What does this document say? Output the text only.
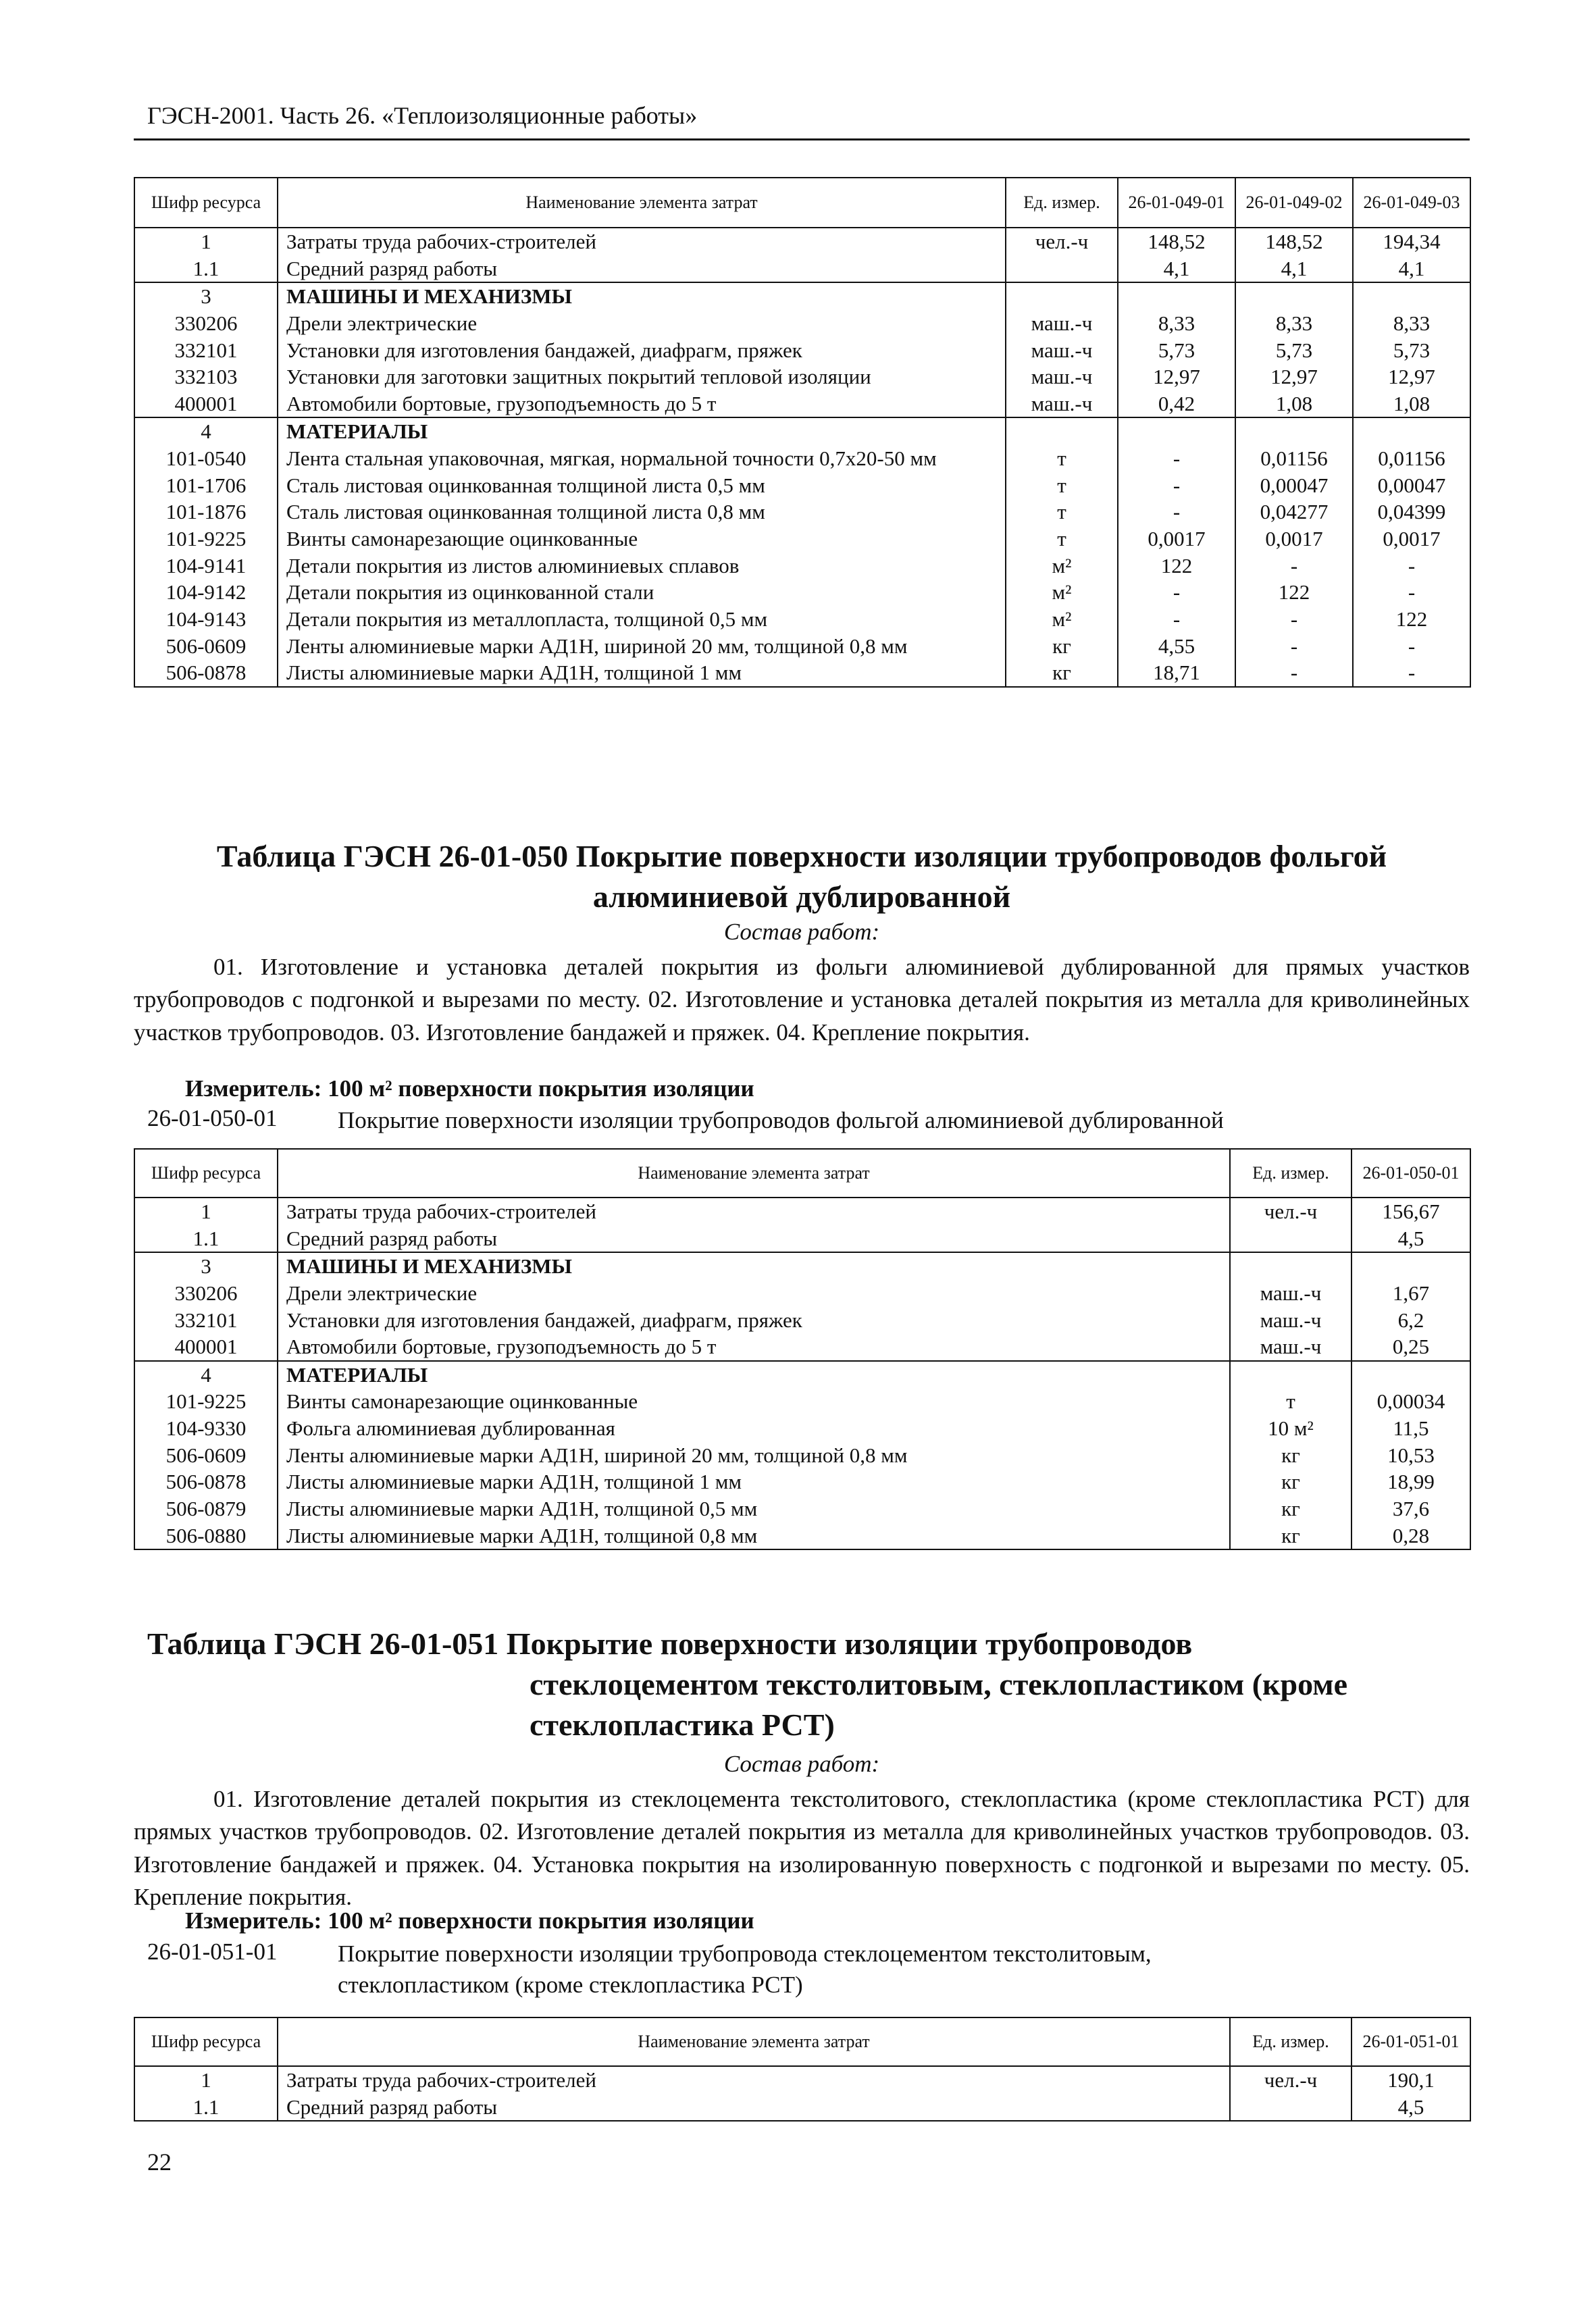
ГЭСН-2001. Часть 26. «Теплоизоляционные работы»
Шифр ресурса	Наименование элемента затрат	Ед. измер.	26-01-049-01	26-01-049-02	26-01-049-03
1	Затраты труда рабочих-строителей	чел.-ч	148,52	148,52	194,34
1.1	Средний разряд работы		4,1	4,1	4,1
3	МАШИНЫ И МЕХАНИЗМЫ				
330206	Дрели электрические	маш.-ч	8,33	8,33	8,33
332101	Установки для изготовления бандажей, диафрагм, пряжек	маш.-ч	5,73	5,73	5,73
332103	Установки для заготовки защитных покрытий тепловой изоляции	маш.-ч	12,97	12,97	12,97
400001	Автомобили бортовые, грузоподъемность до 5 т	маш.-ч	0,42	1,08	1,08
4	МАТЕРИАЛЫ				
101-0540	Лента стальная упаковочная, мягкая, нормальной точности 0,7х20-50 мм	т	-	0,01156	0,01156
101-1706	Сталь листовая оцинкованная толщиной листа 0,5 мм	т	-	0,00047	0,00047
101-1876	Сталь листовая оцинкованная толщиной листа 0,8 мм	т	-	0,04277	0,04399
101-9225	Винты самонарезающие оцинкованные	т	0,0017	0,0017	0,0017
104-9141	Детали покрытия из листов алюминиевых сплавов	м²	122	-	-
104-9142	Детали покрытия из оцинкованной стали	м²	-	122	-
104-9143	Детали покрытия из металлопласта, толщиной 0,5 мм	м²	-	-	122
506-0609	Ленты алюминиевые марки АД1Н, шириной 20 мм, толщиной 0,8 мм	кг	4,55	-	-
506-0878	Листы алюминиевые марки АД1Н, толщиной 1 мм	кг	18,71	-	-
Таблица ГЭСН 26-01-050 Покрытие поверхности изоляции трубопроводов фольгой
алюминиевой дублированной
Состав работ:
01. Изготовление и установка деталей покрытия из фольги алюминиевой дублированной для прямых участков трубопроводов с подгонкой и вырезами по месту. 02. Изготовление и установка деталей покрытия из металла для криволинейных участков трубопроводов. 03. Изготовление бандажей и пряжек. 04. Крепление покрытия.
Измеритель: 100 м² поверхности покрытия изоляции
26-01-050-01	Покрытие поверхности изоляции трубопроводов фольгой алюминиевой дублированной
Шифр ресурса	Наименование элемента затрат	Ед. измер.	26-01-050-01
1	Затраты труда рабочих-строителей	чел.-ч	156,67
1.1	Средний разряд работы		4,5
3	МАШИНЫ И МЕХАНИЗМЫ		
330206	Дрели электрические	маш.-ч	1,67
332101	Установки для изготовления бандажей, диафрагм, пряжек	маш.-ч	6,2
400001	Автомобили бортовые, грузоподъемность до 5 т	маш.-ч	0,25
4	МАТЕРИАЛЫ		
101-9225	Винты самонарезающие оцинкованные	т	0,00034
104-9330	Фольга алюминиевая дублированная	10 м²	11,5
506-0609	Ленты алюминиевые марки АД1Н, шириной 20 мм, толщиной 0,8 мм	кг	10,53
506-0878	Листы алюминиевые марки АД1Н, толщиной 1 мм	кг	18,99
506-0879	Листы алюминиевые марки АД1Н, толщиной 0,5 мм	кг	37,6
506-0880	Листы алюминиевые марки АД1Н, толщиной 0,8 мм	кг	0,28
Таблица ГЭСН 26-01-051 Покрытие поверхности изоляции трубопроводов
стеклоцементом текстолитовым, стеклопластиком (кроме
стеклопластика РСТ)
Состав работ:
01. Изготовление деталей покрытия из стеклоцемента текстолитового, стеклопластика (кроме стеклопластика РСТ) для прямых участков трубопроводов. 02. Изготовление деталей покрытия из металла для криволинейных участков трубопроводов. 03. Изготовление бандажей и пряжек. 04. Установка покрытия на изолированную поверхность с подгонкой и вырезами по месту. 05. Крепление покрытия.
Измеритель: 100 м² поверхности покрытия изоляции
26-01-051-01	Покрытие поверхности изоляции трубопровода стеклоцементом текстолитовым,
стеклопластиком (кроме стеклопластика РСТ)
Шифр ресурса	Наименование элемента затрат	Ед. измер.	26-01-051-01
1	Затраты труда рабочих-строителей	чел.-ч	190,1
1.1	Средний разряд работы		4,5
22
